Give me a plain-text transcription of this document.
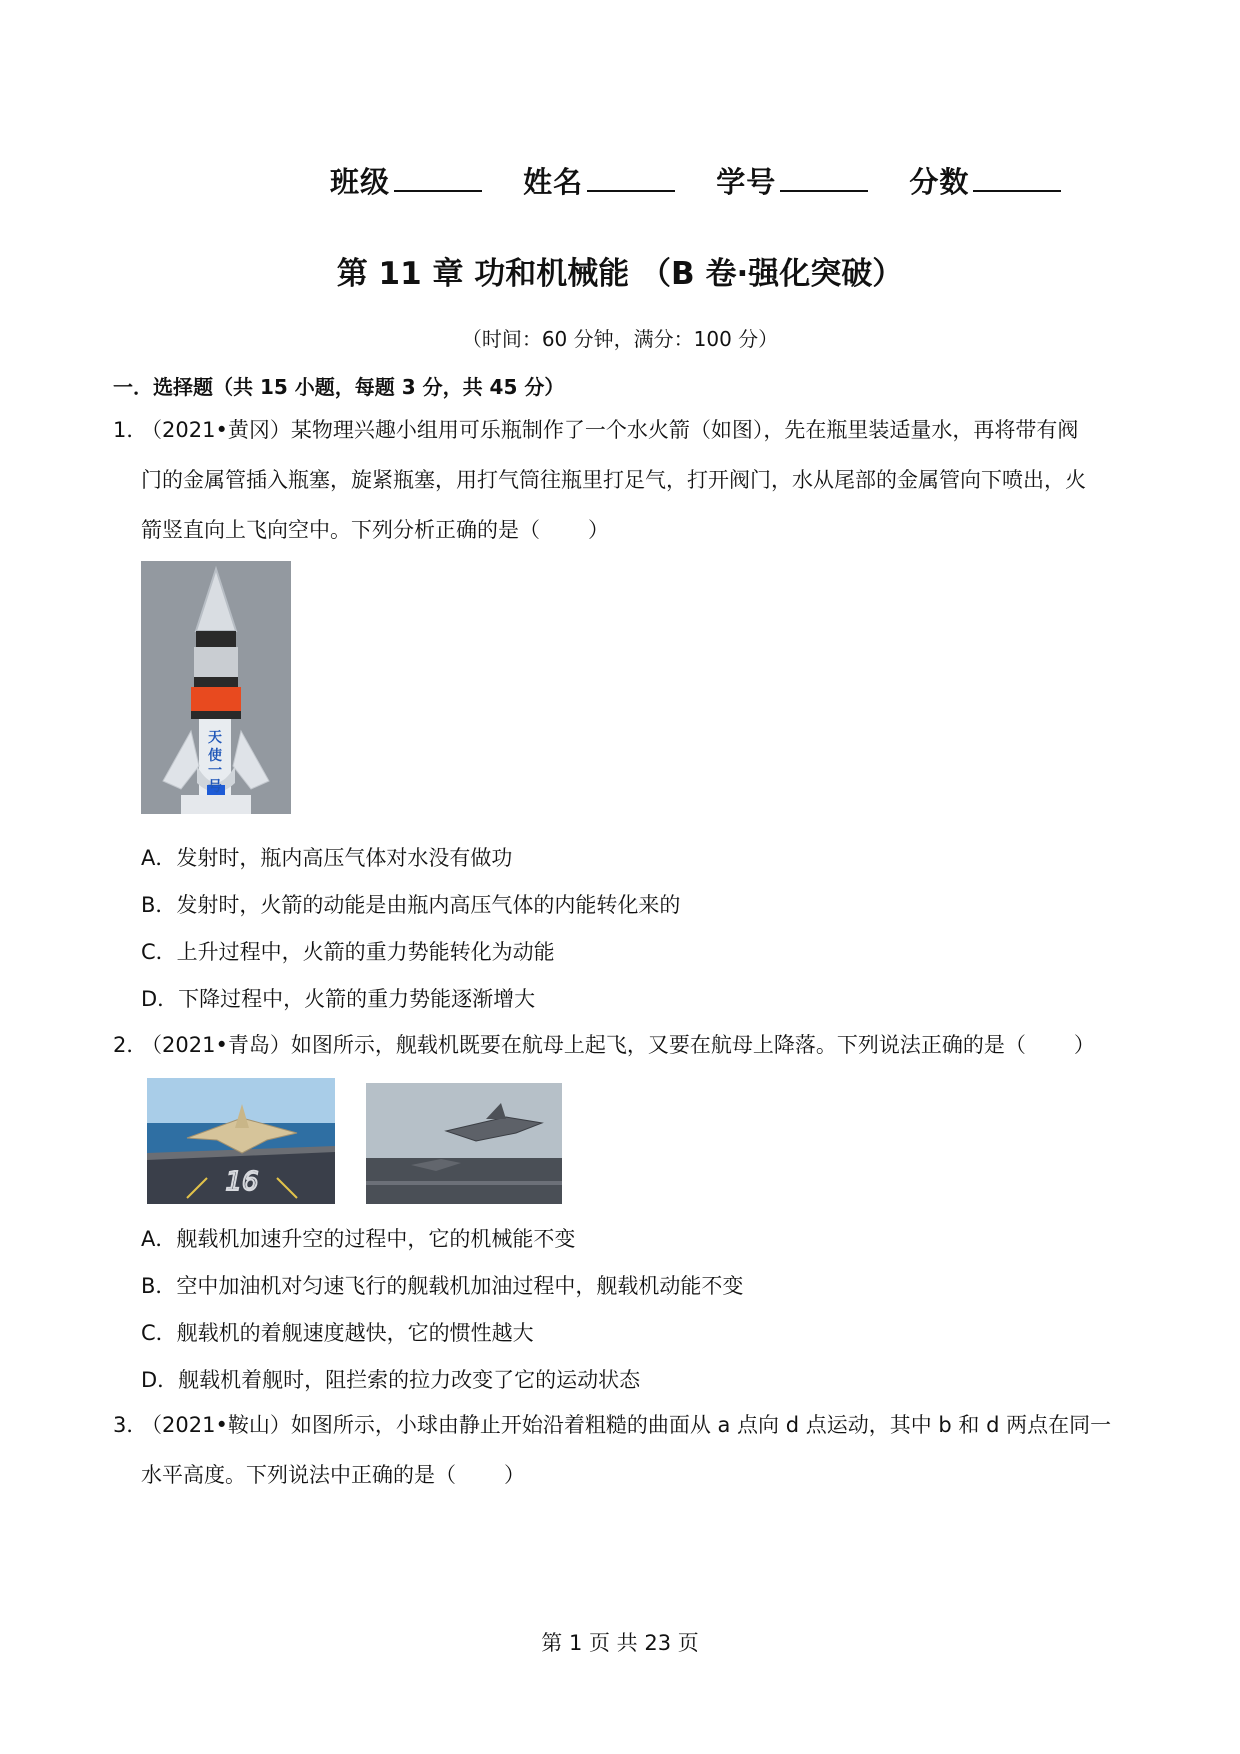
班级	姓名	学号	分数
第 11 章 功和机械能 （B 卷·强化突破）
（时间：60 分钟，满分：100 分）
一．选择题（共 15 小题，每题 3 分，共 45 分）
1．（2021•黄冈）某物理兴趣小组用可乐瓶制作了一个水火箭（如图），先在瓶里装适量水，再将带有阀
门的金属管插入瓶塞，旋紧瓶塞，用打气筒往瓶里打足气，打开阀门，水从尾部的金属管向下喷出，火
箭竖直向上飞向空中。下列分析正确的是（ ）
天
使
一
号
A．发射时，瓶内高压气体对水没有做功
B．发射时，火箭的动能是由瓶内高压气体的内能转化来的
C．上升过程中，火箭的重力势能转化为动能
D．下降过程中，火箭的重力势能逐渐增大
2．（2021•青岛）如图所示，舰载机既要在航母上起飞，又要在航母上降落。下列说法正确的是（ ）
16
A．舰载机加速升空的过程中，它的机械能不变
B．空中加油机对匀速飞行的舰载机加油过程中，舰载机动能不变
C．舰载机的着舰速度越快，它的惯性越大
D．舰载机着舰时，阻拦索的拉力改变了它的运动状态
3．（2021•鞍山）如图所示，小球由静止开始沿着粗糙的曲面从 a 点向 d 点运动，其中 b 和 d 两点在同一
水平高度。下列说法中正确的是（ ）
第 1 页 共 23 页
